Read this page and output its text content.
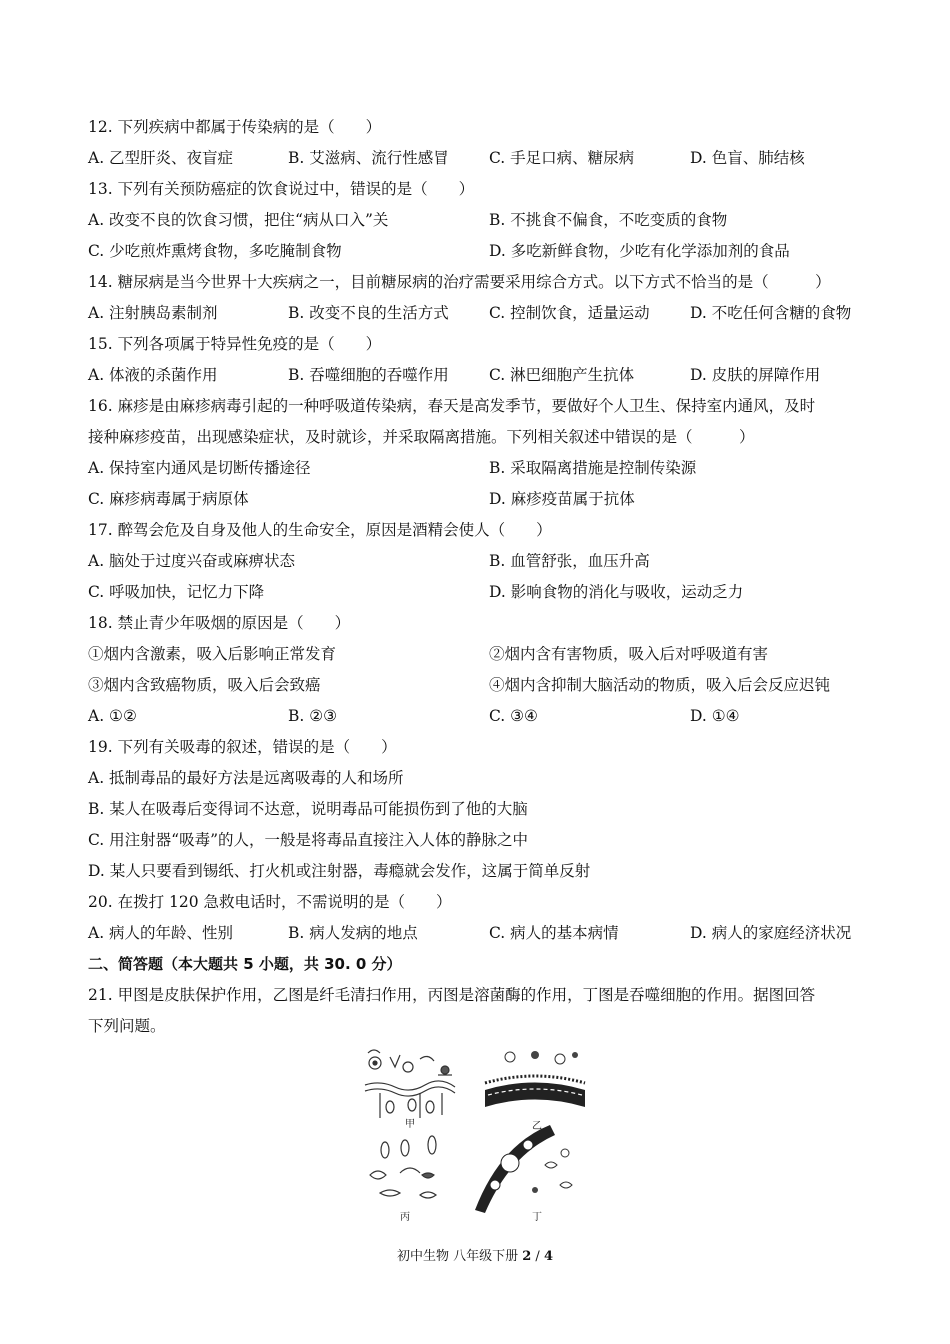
12. 下列疾病中都属于传染病的是（　　）
A. 乙型肝炎、夜盲症	B. 艾滋病、流行性感冒	C. 手足口病、糖尿病	D. 色盲、肺结核
13. 下列有关预防癌症的饮食说过中，错误的是（　　）
A. 改变不良的饮食习惯，把住“病从口入”关	B. 不挑食不偏食，不吃变质的食物
C. 少吃煎炸熏烤食物，多吃腌制食物	D. 多吃新鲜食物，少吃有化学添加剂的食品
14. 糖尿病是当今世界十大疾病之一，目前糖尿病的治疗需要采用综合方式。以下方式不恰当的是（　　　）
A. 注射胰岛素制剂	B. 改变不良的生活方式	C. 控制饮食，适量运动	D. 不吃任何含糖的食物
15. 下列各项属于特异性免疫的是（　　）
A. 体液的杀菌作用	B. 吞噬细胞的吞噬作用	C. 淋巴细胞产生抗体	D. 皮肤的屏障作用
16. 麻疹是由麻疹病毒引起的一种呼吸道传染病，春天是高发季节，要做好个人卫生、保持室内通风，及时
接种麻疹疫苗，出现感染症状，及时就诊，并采取隔离措施。下列相关叙述中错误的是（　　　）
A. 保持室内通风是切断传播途径	B. 采取隔离措施是控制传染源
C. 麻疹病毒属于病原体	D. 麻疹疫苗属于抗体
17. 醉驾会危及自身及他人的生命安全，原因是酒精会使人（　　）
A. 脑处于过度兴奋或麻痹状态	B. 血管舒张，血压升高
C. 呼吸加快，记忆力下降	D. 影响食物的消化与吸收，运动乏力
18. 禁止青少年吸烟的原因是（　　）
①烟内含激素，吸入后影响正常发育	②烟内含有害物质，吸入后对呼吸道有害
③烟内含致癌物质，吸入后会致癌	④烟内含抑制大脑活动的物质，吸入后会反应迟钝
A. ①②	B. ②③	C. ③④	D. ①④
19. 下列有关吸毒的叙述，错误的是（　　）
A. 抵制毒品的最好方法是远离吸毒的人和场所
B. 某人在吸毒后变得词不达意，说明毒品可能损伤到了他的大脑
C. 用注射器“吸毒”的人，一般是将毒品直接注入人体的静脉之中
D. 某人只要看到锡纸、打火机或注射器，毒瘾就会发作，这属于简单反射
20. 在拨打 120 急救电话时，不需说明的是（　　）
A. 病人的年龄、性别	B. 病人发病的地点	C. 病人的基本病情	D. 病人的家庭经济状况
二、简答题（本大题共 5 小题，共 30. 0 分）
21. 甲图是皮肤保护作用，乙图是纤毛清扫作用，丙图是溶菌酶的作用，丁图是吞噬细胞的作用。据图回答
下列问题。
甲	乙
丙	丁
初中生物 八年级下册 2 / 4
